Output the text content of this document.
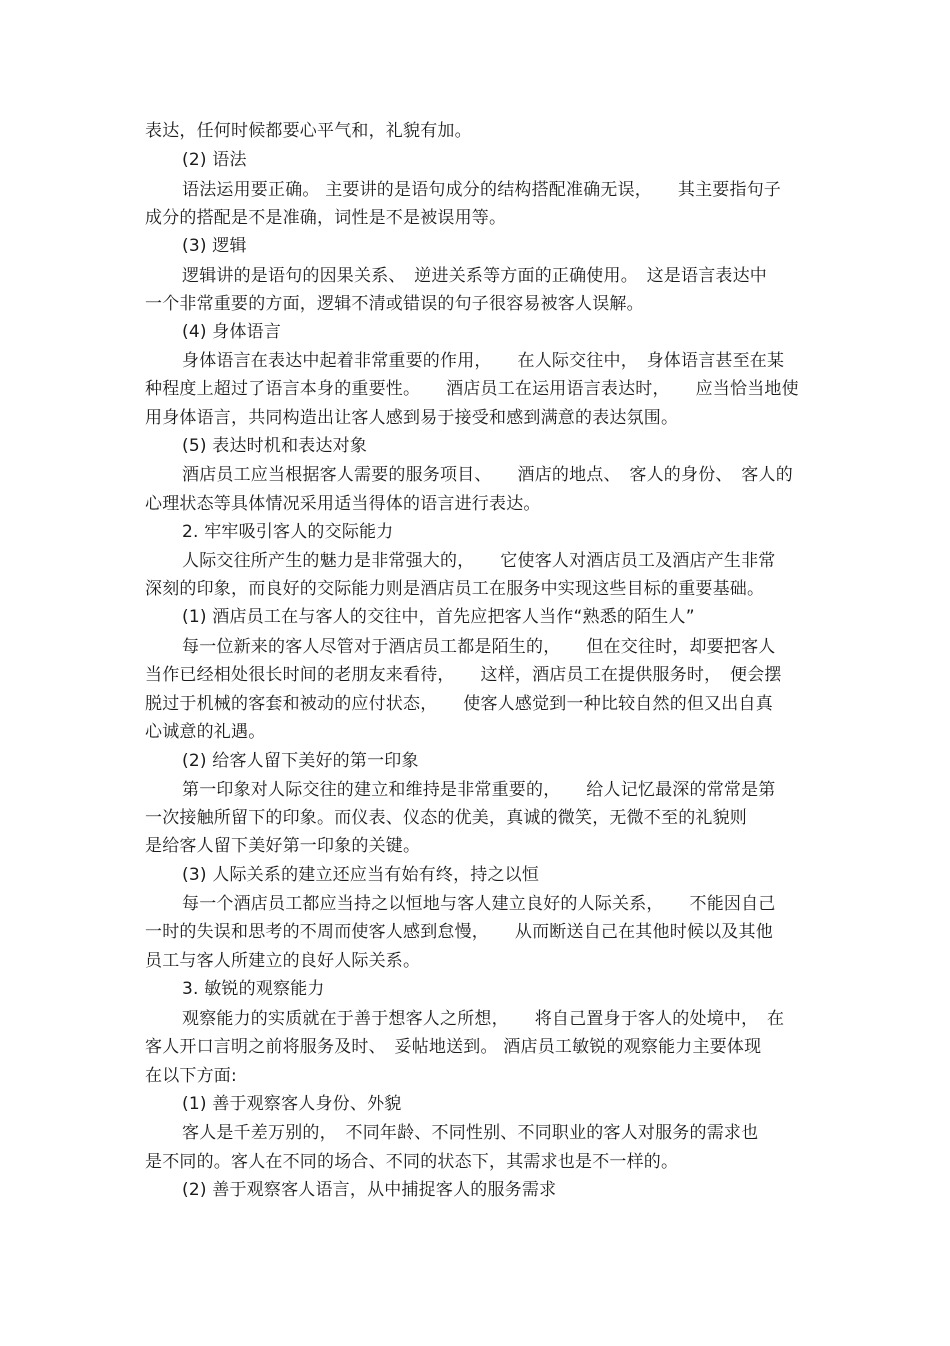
表达，任何时候都要心平气和，礼貌有加。
(2) 语法
语法运用要正确。 主要讲的是语句成分的结构搭配准确无误，　　其主要指句子
成分的搭配是不是准确，词性是不是被误用等。
(3) 逻辑
逻辑讲的是语句的因果关系、　逆进关系等方面的正确使用。　这是语言表达中
一个非常重要的方面，逻辑不清或错误的句子很容易被客人误解。
(4) 身体语言
身体语言在表达中起着非常重要的作用，　　在人际交往中，　身体语言甚至在某
种程度上超过了语言本身的重要性。　　酒店员工在运用语言表达时，　　应当恰当地使
用身体语言，共同构造出让客人感到易于接受和感到满意的表达氛围。
(5) 表达时机和表达对象
酒店员工应当根据客人需要的服务项目、　　酒店的地点、　客人的身份、　客人的
心理状态等具体情况采用适当得体的语言进行表达。
2. 牢牢吸引客人的交际能力
人际交往所产生的魅力是非常强大的，　　它使客人对酒店员工及酒店产生非常
深刻的印象，而良好的交际能力则是酒店员工在服务中实现这些目标的重要基础。
(1) 酒店员工在与客人的交往中，首先应把客人当作“熟悉的陌生人”
每一位新来的客人尽管对于酒店员工都是陌生的，　　但在交往时，却要把客人
当作已经相处很长时间的老朋友来看待，　　这样，酒店员工在提供服务时，　便会摆
脱过于机械的客套和被动的应付状态，　　使客人感觉到一种比较自然的但又出自真
心诚意的礼遇。
(2) 给客人留下美好的第一印象
第一印象对人际交往的建立和维持是非常重要的，　　给人记忆最深的常常是第
一次接触所留下的印象。而仪表、仪态的优美，真诚的微笑，无微不至的礼貌则
是给客人留下美好第一印象的关键。
(3) 人际关系的建立还应当有始有终，持之以恒
每一个酒店员工都应当持之以恒地与客人建立良好的人际关系，　　不能因自己
一时的失误和思考的不周而使客人感到怠慢，　　从而断送自己在其他时候以及其他
员工与客人所建立的良好人际关系。
3. 敏锐的观察能力
观察能力的实质就在于善于想客人之所想，　　将自己置身于客人的处境中，　在
客人开口言明之前将服务及时、　妥帖地送到。 酒店员工敏锐的观察能力主要体现
在以下方面:
(1) 善于观察客人身份、外貌
客人是千差万别的，　不同年龄、不同性别、不同职业的客人对服务的需求也
是不同的。客人在不同的场合、不同的状态下，其需求也是不一样的。
(2) 善于观察客人语言，从中捕捉客人的服务需求
